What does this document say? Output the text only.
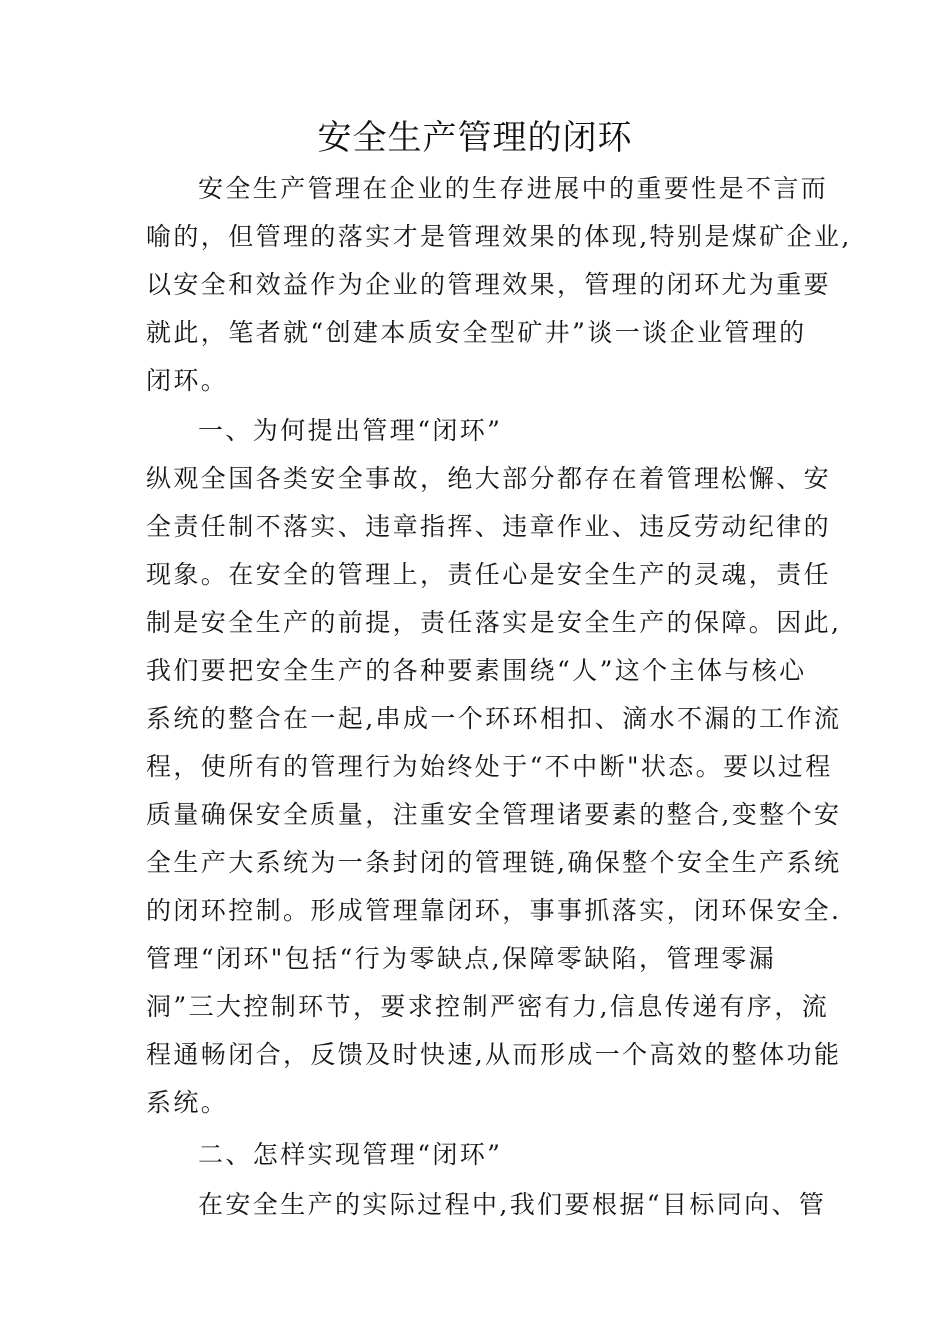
安全生产管理的闭环
安全生产管理在企业的生存进展中的重要性是不言而
喻的，但管理的落实才是管理效果的体现,特别是煤矿企业,
以安全和效益作为企业的管理效果，管理的闭环尤为重要
就此，笔者就“创建本质安全型矿井”谈一谈企业管理的
闭环。
一、为何提出管理“闭环”
纵观全国各类安全事故，绝大部分都存在着管理松懈、安
全责任制不落实、违章指挥、违章作业、违反劳动纪律的
现象。在安全的管理上，责任心是安全生产的灵魂，责任
制是安全生产的前提，责任落实是安全生产的保障。因此,
我们要把安全生产的各种要素围绕“人”这个主体与核心
系统的整合在一起,串成一个环环相扣、滴水不漏的工作流
程，使所有的管理行为始终处于“不中断"状态。要以过程
质量确保安全质量，注重安全管理诸要素的整合,变整个安
全生产大系统为一条封闭的管理链,确保整个安全生产系统
的闭环控制。形成管理靠闭环，事事抓落实，闭环保安全.
管理“闭环"包括“行为零缺点,保障零缺陷，管理零漏
洞”三大控制环节，要求控制严密有力,信息传递有序，流
程通畅闭合，反馈及时快速,从而形成一个高效的整体功能
系统。
二、怎样实现管理“闭环”
在安全生产的实际过程中,我们要根据“目标同向、管
